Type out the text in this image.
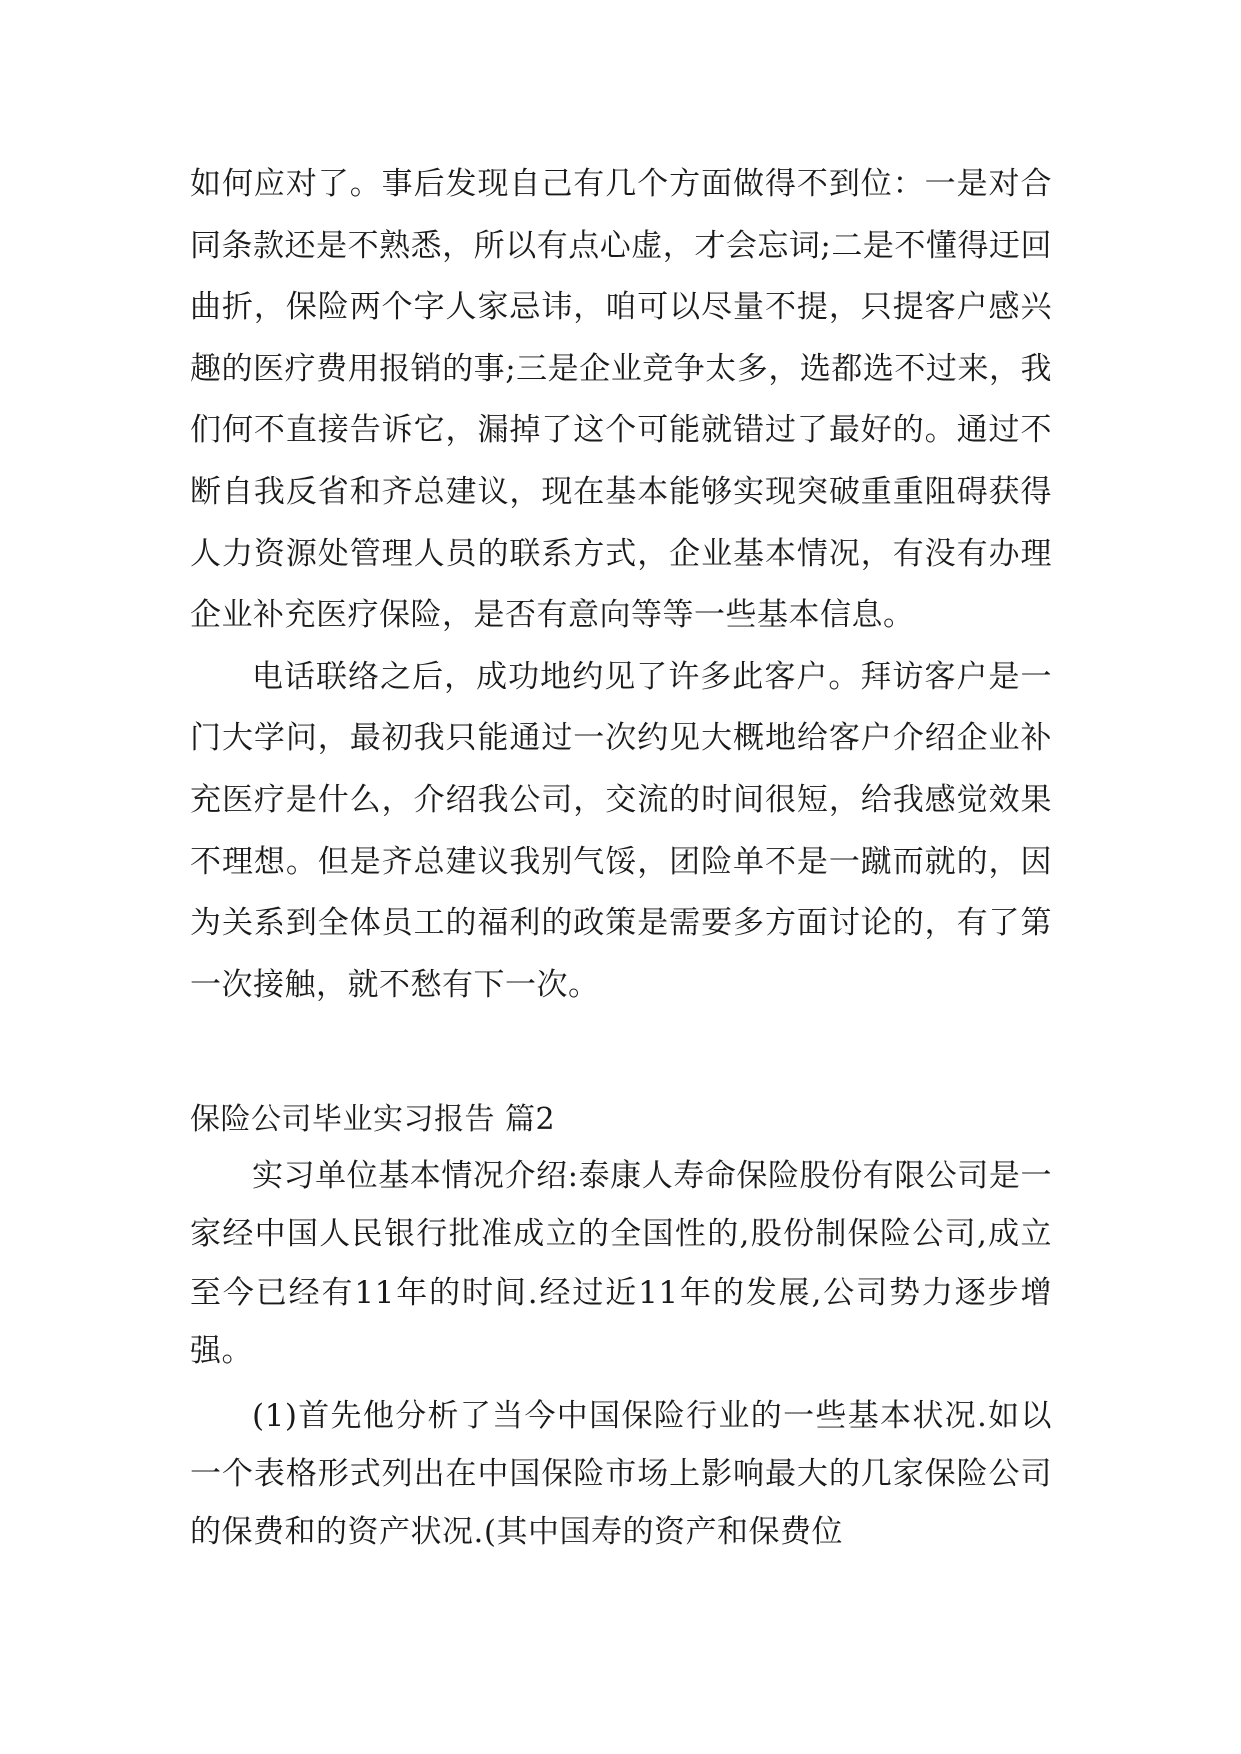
如何应对了。事后发现自己有几个方面做得不到位：一是对合同条款还是不熟悉，所以有点心虚，才会忘词;二是不懂得迂回曲折，保险两个字人家忌讳，咱可以尽量不提，只提客户感兴趣的医疗费用报销的事;三是企业竞争太多，选都选不过来，我们何不直接告诉它，漏掉了这个可能就错过了最好的。通过不断自我反省和齐总建议，现在基本能够实现突破重重阻碍获得人力资源处管理人员的联系方式，企业基本情况，有没有办理企业补充医疗保险，是否有意向等等一些基本信息。

电话联络之后，成功地约见了许多此客户。拜访客户是一门大学问，最初我只能通过一次约见大概地给客户介绍企业补充医疗是什么，介绍我公司，交流的时间很短，给我感觉效果不理想。但是齐总建议我别气馁，团险单不是一蹴而就的，因为关系到全体员工的福利的政策是需要多方面讨论的，有了第一次接触，就不愁有下一次。

保险公司毕业实习报告 篇2

实习单位基本情况介绍:泰康人寿命保险股份有限公司是一家经中国人民银行批准成立的全国性的,股份制保险公司,成立至今已经有11年的时间.经过近11年的发展,公司势力逐步增强。

(1)首先他分析了当今中国保险行业的一些基本状况.如以一个表格形式列出在中国保险市场上影响最大的几家保险公司的保费和的资产状况.(其中国寿的资产和保费位
